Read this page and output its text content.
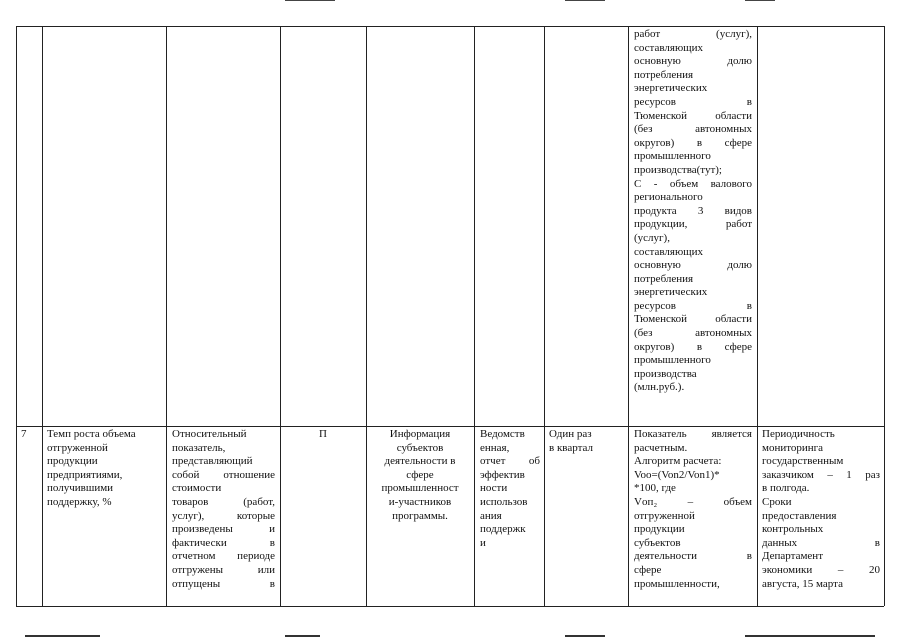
работ (услуг),
составляющих
основную долю
потребления
энергетических
ресурсов в
Тюменской области
(без автономных
округов) в сфере
промышленного
производства(тут);
С - объем валового
регионального
продукта 3 видов
продукции, работ
(услуг),
составляющих
основную долю
потребления
энергетических
ресурсов в
Тюменской области
(без автономных
округов) в сфере
промышленного
производства
(млн.руб.).
7	Темп роста объема
отгруженной
продукции
предприятиями,
получившими
поддержку, %
Относительный
показатель,
представляющий
собой отношение
стоимости
товаров (работ,
услуг), которые
произведены и
фактически в
отчетном периоде
отгружены или
отпущены в
П	Информация
субъектов
деятельности в
сфере
промышленност
и-участников
программы.
Ведомств
енная,
отчет об
эффектив
ности
использов
ания
поддержк
и
Один раз
в квартал
Показатель является
расчетным.
Алгоритм расчета:
Voo=(Von2/Von1)*
*100, где
Vоп₂ – объем
отгруженной
продукции
субъектов
деятельности в
сфере
промышленности,
Периодичность
мониторинга
государственным
заказчиком – 1 раз
в полгода.
Сроки
предоставления
контрольных
данных в
Департамент
экономики – 20
августа, 15 марта
